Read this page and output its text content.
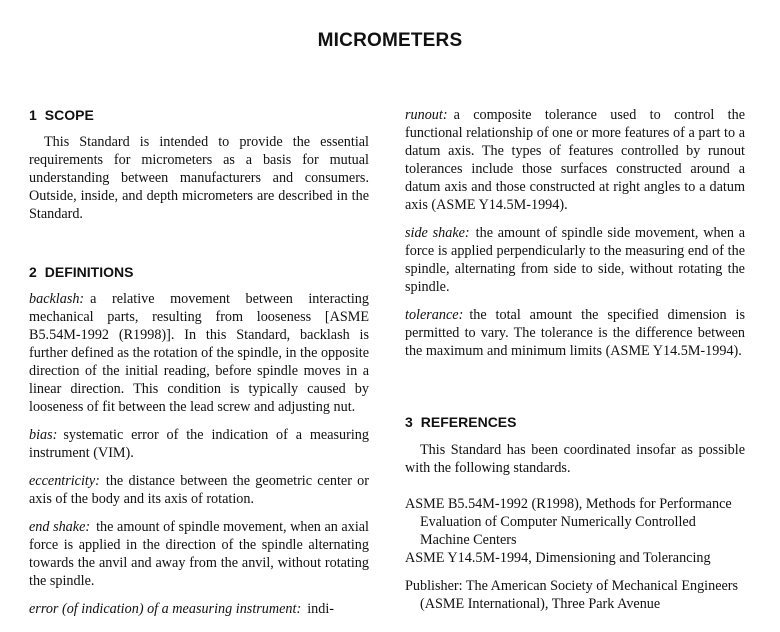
MICROMETERS
1 SCOPE

This Standard is intended to provide the essential requirements for micrometers as a basis for mutual understanding between manufacturers and consumers. Outside, inside, and depth micrometers are described in the Standard.

2 DEFINITIONS

backlash: a relative movement between interacting mechanical parts, resulting from looseness [ASME B5.54M-1992 (R1998)]. In this Standard, backlash is further defined as the rotation of the spindle, in the opposite direction of the initial reading, before spindle moves in a linear direction. This condition is typically caused by looseness of fit between the lead screw and adjusting nut.

bias: systematic error of the indication of a measuring instrument (VIM).

eccentricity: the distance between the geometric center or axis of the body and its axis of rotation.

end shake: the amount of spindle movement, when an axial force is applied in the direction of the spindle alternating towards the anvil and away from the anvil, without rotating the spindle.

error (of indication) of a measuring instrument: indi-

runout: a composite tolerance used to control the functional relationship of one or more features of a part to a datum axis. The types of features controlled by runout tolerances include those surfaces constructed around a datum axis and those constructed at right angles to a datum axis (ASME Y14.5M-1994).

side shake: the amount of spindle side movement, when a force is applied perpendicularly to the measuring end of the spindle, alternating from side to side, without rotating the spindle.

tolerance: the total amount the specified dimension is permitted to vary. The tolerance is the difference between the maximum and minimum limits (ASME Y14.5M-1994).

3 REFERENCES

This Standard has been coordinated insofar as possible with the following standards.

ASME B5.54M-1992 (R1998), Methods for Performance Evaluation of Computer Numerically Controlled Machine Centers

ASME Y14.5M-1994, Dimensioning and Tolerancing

Publisher: The American Society of Mechanical Engineers (ASME International), Three Park Avenue
